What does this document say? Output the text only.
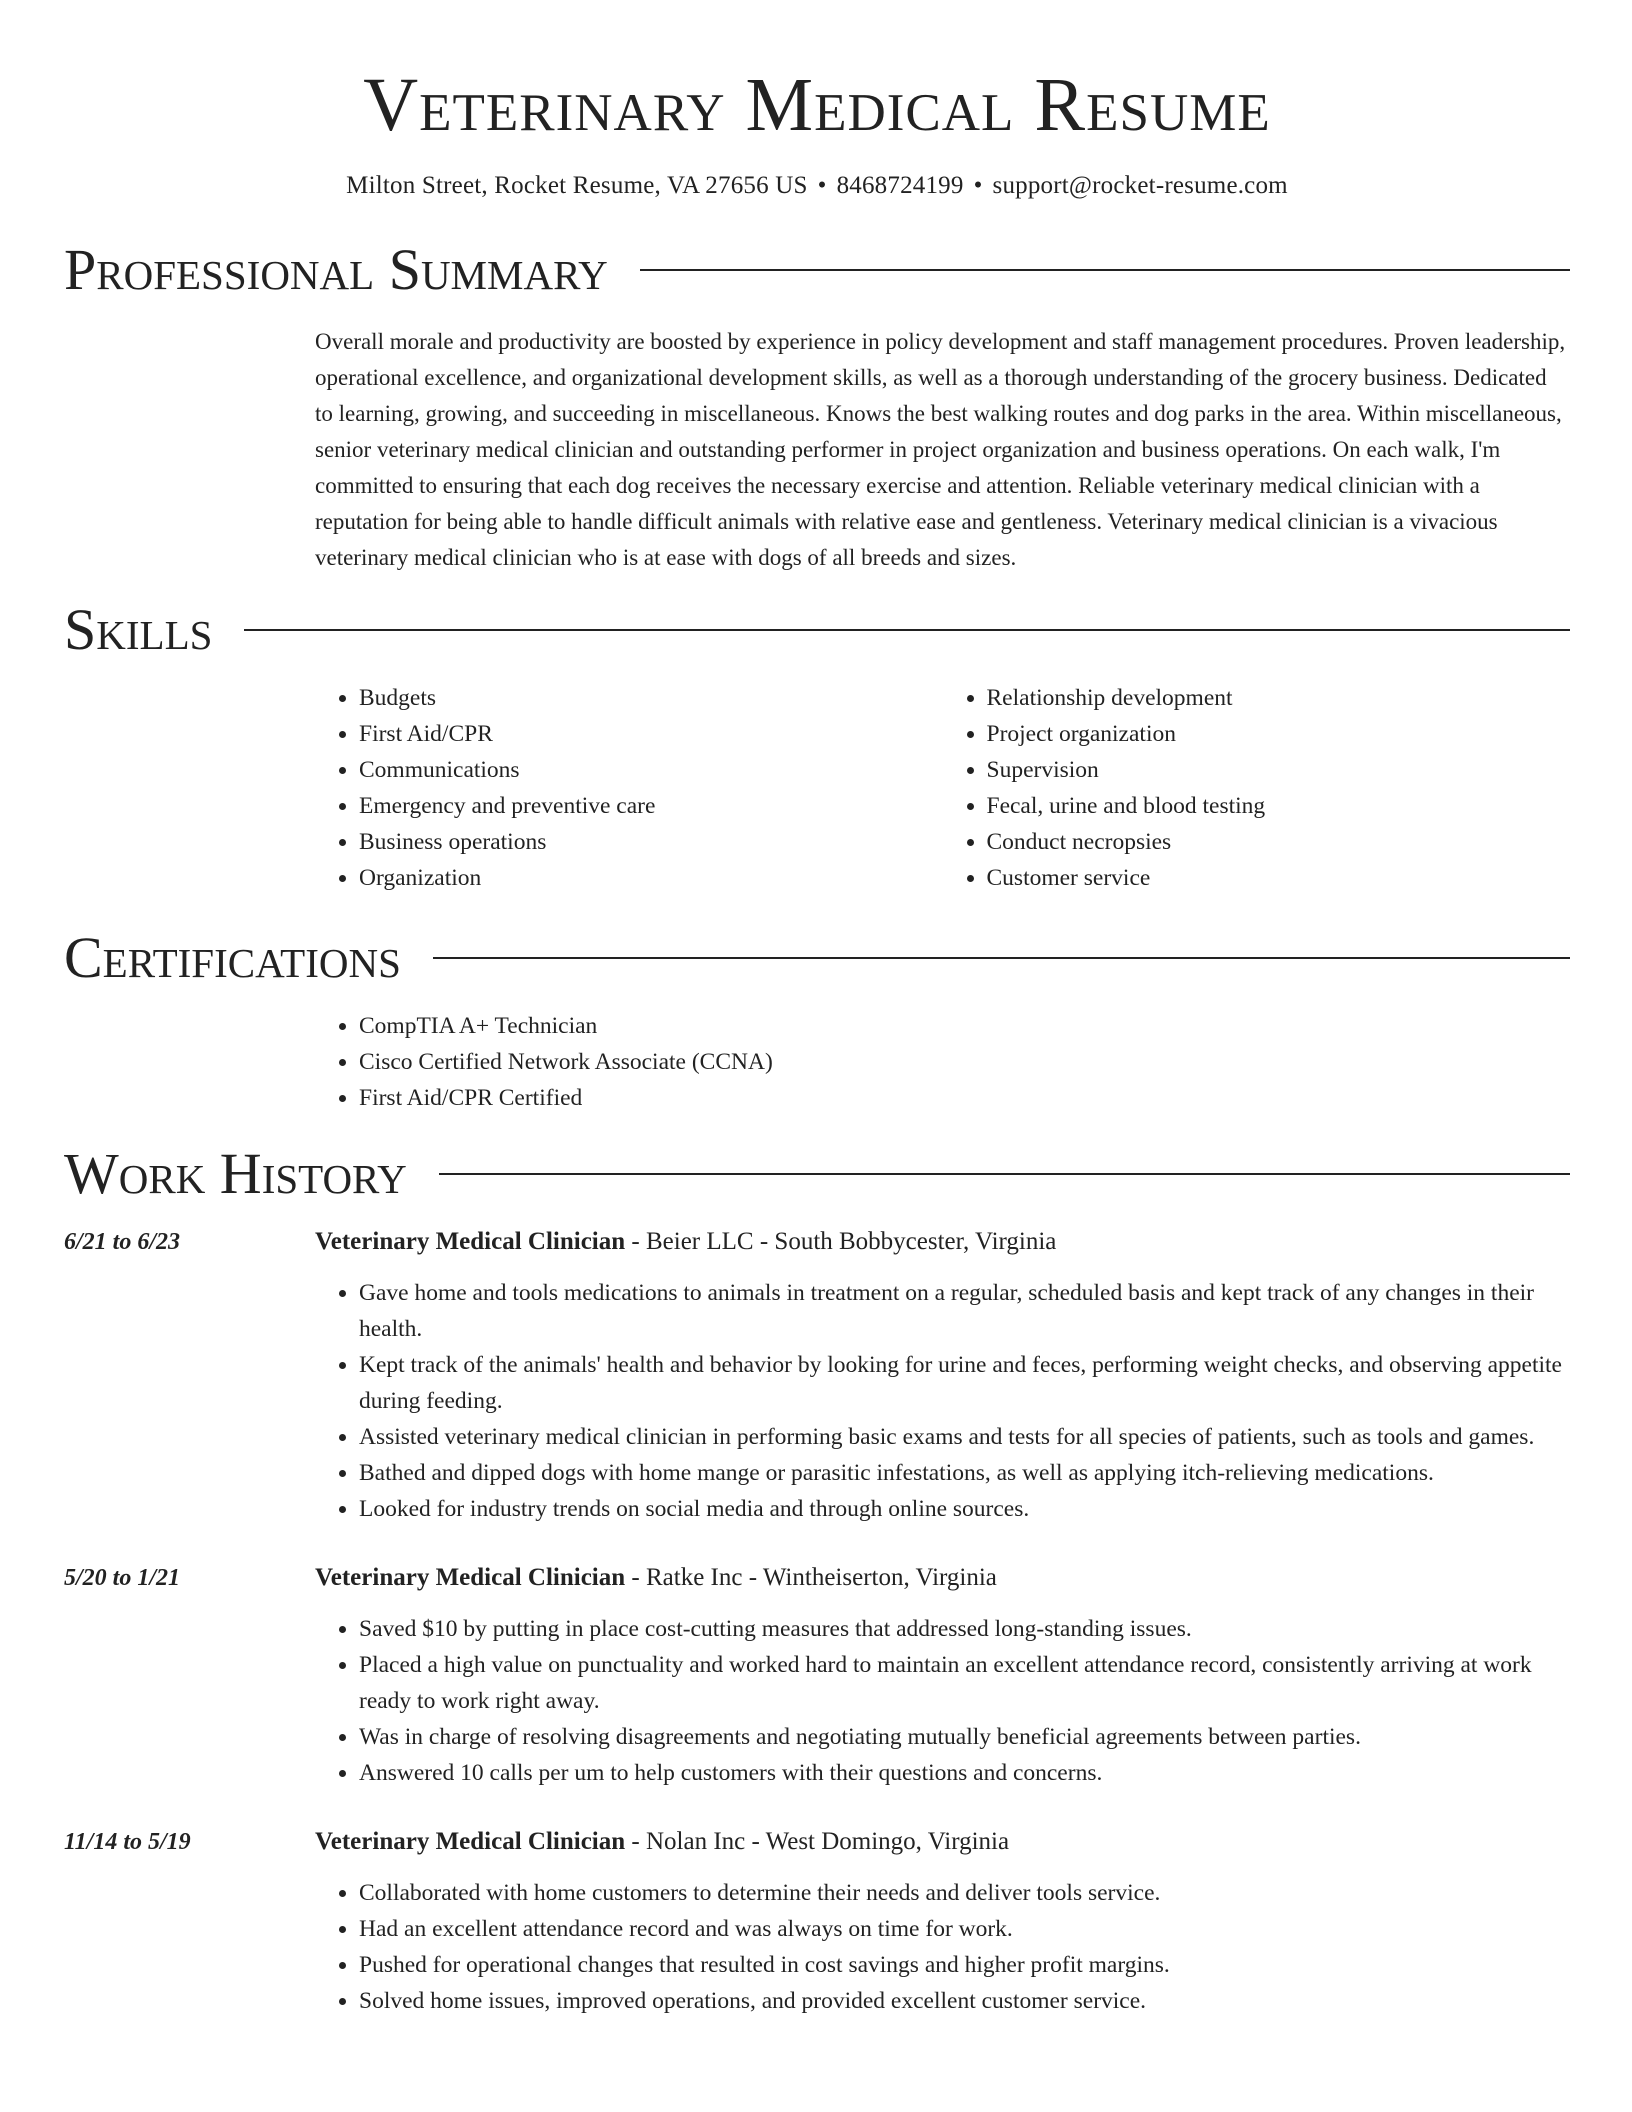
Veterinary Medical Resume
Milton Street, Rocket Resume, VA 27656 US • 8468724199 • support@rocket-resume.com
Professional Summary
Overall morale and productivity are boosted by experience in policy development and staff management procedures. Proven leadership, operational excellence, and organizational development skills, as well as a thorough understanding of the grocery business. Dedicated to learning, growing, and succeeding in miscellaneous. Knows the best walking routes and dog parks in the area. Within miscellaneous, senior veterinary medical clinician and outstanding performer in project organization and business operations. On each walk, I'm committed to ensuring that each dog receives the necessary exercise and attention. Reliable veterinary medical clinician with a reputation for being able to handle difficult animals with relative ease and gentleness. Veterinary medical clinician is a vivacious veterinary medical clinician who is at ease with dogs of all breeds and sizes.
Skills
• Budgets
• First Aid/CPR
• Communications
• Emergency and preventive care
• Business operations
• Organization
• Relationship development
• Project organization
• Supervision
• Fecal, urine and blood testing
• Conduct necropsies
• Customer service
Certifications
• CompTIA A+ Technician
• Cisco Certified Network Associate (CCNA)
• First Aid/CPR Certified
Work History
6/21 to 6/23	Veterinary Medical Clinician - Beier LLC - South Bobbycester, Virginia
• Gave home and tools medications to animals in treatment on a regular, scheduled basis and kept track of any changes in their health.
• Kept track of the animals' health and behavior by looking for urine and feces, performing weight checks, and observing appetite during feeding.
• Assisted veterinary medical clinician in performing basic exams and tests for all species of patients, such as tools and games.
• Bathed and dipped dogs with home mange or parasitic infestations, as well as applying itch-relieving medications.
• Looked for industry trends on social media and through online sources.
5/20 to 1/21	Veterinary Medical Clinician - Ratke Inc - Wintheiserton, Virginia
• Saved $10 by putting in place cost-cutting measures that addressed long-standing issues.
• Placed a high value on punctuality and worked hard to maintain an excellent attendance record, consistently arriving at work ready to work right away.
• Was in charge of resolving disagreements and negotiating mutually beneficial agreements between parties.
• Answered 10 calls per um to help customers with their questions and concerns.
11/14 to 5/19	Veterinary Medical Clinician - Nolan Inc - West Domingo, Virginia
• Collaborated with home customers to determine their needs and deliver tools service.
• Had an excellent attendance record and was always on time for work.
• Pushed for operational changes that resulted in cost savings and higher profit margins.
• Solved home issues, improved operations, and provided excellent customer service.
